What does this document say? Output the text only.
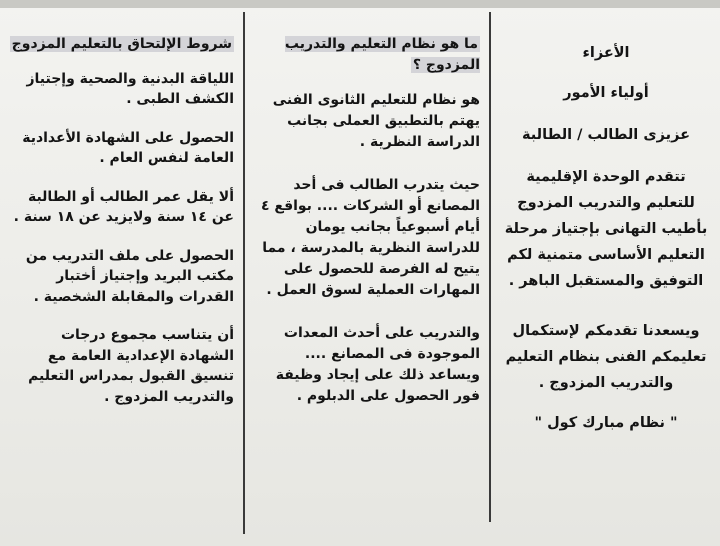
شروط الإلتحاق بالتعليم المزدوج

اللياقة البدنية والصحية وإجتياز الكشف الطبى .

الحصول على الشهادة الأعدادية العامة لنفس العام .

ألا يقل عمر الطالب أو الطالبة عن ١٤ سنة ولايزيد عن ١٨ سنة .

الحصول على ملف التدريب من مكتب البريد وإجتياز أختبار القدرات والمقابلة الشخصية .

أن يتناسب مجموع درجات الشهادة الإعدادية العامة مع تنسيق القبول بمدراس التعليم والتدريب المزدوج .

ما هو نظام التعليم والتدريب المزدوج ؟

هو نظام للتعليم الثانوى الفنى يهتم بالتطبيق العملى بجانب الدراسة النظرية .

حيث يتدرب الطالب فى أحد المصانع أو الشركات .... بواقع ٤ أيام أسبوعياً بجانب يومان للدراسة النظرية بالمدرسة ، مما يتيح له الفرصة للحصول على المهارات العملية لسوق العمل .

والتدريب على أحدث المعدات الموجودة فى المصانع .... ويساعد ذلك على إيجاد وظيفة فور الحصول على الدبلوم .

الأعزاء

أولياء الأمور

عزيزى الطالب / الطالبة

تتقدم الوحدة الإقليمية للتعليم والتدريب المزدوج بأطيب التهانى بإجتياز مرحلة التعليم الأساسى متمنية لكم التوفيق والمستقبل الباهر .

ويسعدنا تقدمكم لإستكمال تعليمكم الفنى بنظام التعليم والتدريب المزدوج .

" نظام مبارك كول "
